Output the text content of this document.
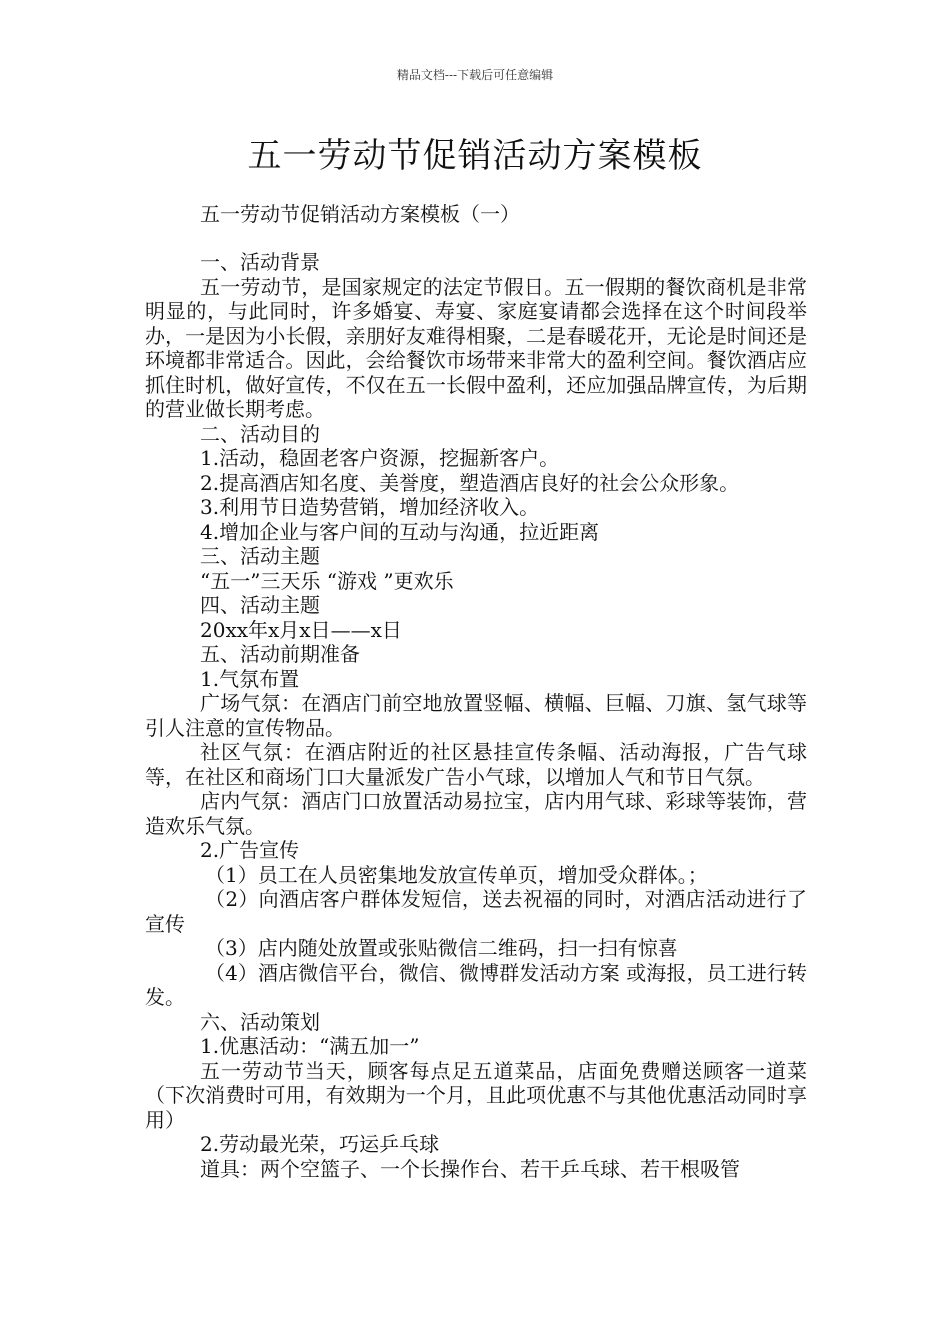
精品文档---下载后可任意编辑
五一劳动节促销活动方案模板
五一劳动节促销活动方案模板（一）

一、活动背景

五一劳动节，是国家规定的法定节假日。五一假期的餐饮商机是非常明显的，与此同时，许多婚宴、寿宴、家庭宴请都会选择在这个时间段举办，一是因为小长假，亲朋好友难得相聚，二是春暖花开，无论是时间还是环境都非常适合。因此，会给餐饮市场带来非常大的盈利空间。餐饮酒店应抓住时机，做好宣传，不仅在五一长假中盈利，还应加强品牌宣传，为后期的营业做长期考虑。

二、活动目的

1.活动，稳固老客户资源，挖掘新客户。

2.提高酒店知名度、美誉度，塑造酒店良好的社会公众形象。

3.利用节日造势营销，增加经济收入。

4.增加企业与客户间的互动与沟通，拉近距离

三、活动主题

“五一”三天乐 “游戏 ”更欢乐

四、活动主题

20xx年x月x日——x日

五、活动前期准备

1.气氛布置

广场气氛：在酒店门前空地放置竖幅、横幅、巨幅、刀旗、氢气球等引人注意的宣传物品。

社区气氛：在酒店附近的社区悬挂宣传条幅、活动海报，广告气球等，在社区和商场门口大量派发广告小气球，以增加人气和节日气氛。

店内气氛：酒店门口放置活动易拉宝，店内用气球、彩球等装饰，营造欢乐气氛。

2.广告宣传

（1）员工在人员密集地发放宣传单页，增加受众群体。；

（2）向酒店客户群体发短信，送去祝福的同时，对酒店活动进行了宣传

（3）店内随处放置或张贴微信二维码，扫一扫有惊喜

（4）酒店微信平台，微信、微博群发活动方案 或海报，员工进行转发。

六、活动策划

1.优惠活动：“满五加一”

五一劳动节当天，顾客每点足五道菜品，店面免费赠送顾客一道菜（下次消费时可用，有效期为一个月，且此项优惠不与其他优惠活动同时享用）

2.劳动最光荣，巧运乒乓球

道具：两个空篮子、一个长操作台、若干乒乓球、若干根吸管
